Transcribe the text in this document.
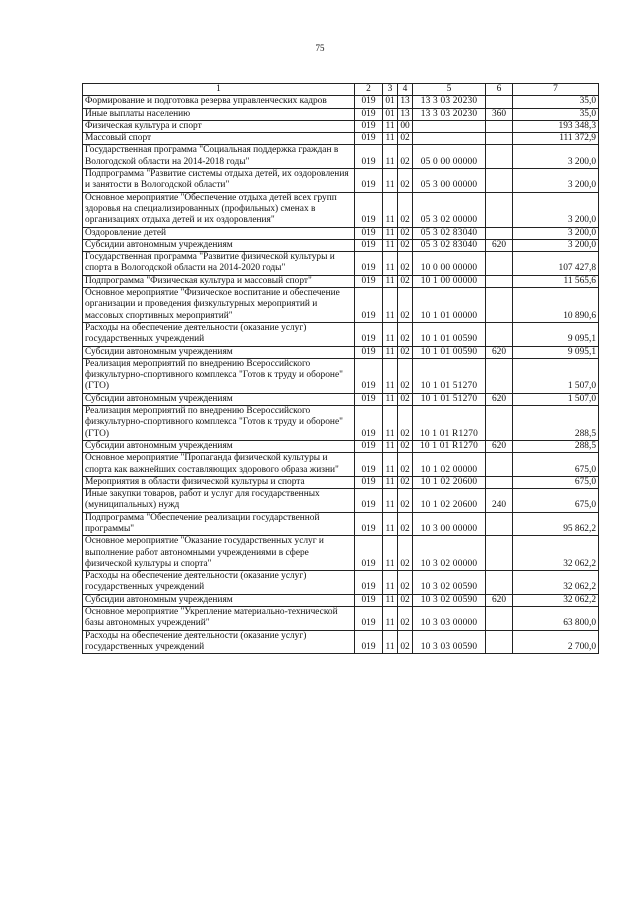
75
1	2	3	4	5	6	7
Формирование и подготовка резерва управленческих кадров	019	01	13	13 3 03 20230		35,0
Иные выплаты населению	019	01	13	13 3 03 20230	360	35,0
Физическая культура и спорт	019	11	00			193 348,3
Массовый спорт	019	11	02			111 372,9
Государственная программа "Социальная поддержка граждан в Вологодской области на 2014-2018 годы"	019	11	02	05 0 00 00000		3 200,0
Подпрограмма "Развитие системы отдыха детей, их оздоровления и занятости в Вологодской области"	019	11	02	05 3 00 00000		3 200,0
Основное мероприятие "Обеспечение отдыха детей всех групп здоровья на специализированных (профильных) сменах в организациях отдыха детей и их оздоровления"	019	11	02	05 3 02 00000		3 200,0
Оздоровление детей	019	11	02	05 3 02 83040		3 200,0
Субсидии автономным учреждениям	019	11	02	05 3 02 83040	620	3 200,0
Государственная программа "Развитие физической культуры и спорта в Вологодской области на 2014-2020 годы"	019	11	02	10 0 00 00000		107 427,8
Подпрограмма "Физическая культура и массовый спорт"	019	11	02	10 1 00 00000		11 565,6
Основное мероприятие "Физическое воспитание и обеспечение организации и проведения физкультурных мероприятий и массовых спортивных мероприятий"	019	11	02	10 1 01 00000		10 890,6
Расходы на обеспечение деятельности (оказание услуг) государственных учреждений	019	11	02	10 1 01 00590		9 095,1
Субсидии автономным учреждениям	019	11	02	10 1 01 00590	620	9 095,1
Реализация мероприятий по внедрению Всероссийского физкультурно-спортивного комплекса "Готов к труду и обороне" (ГТО)	019	11	02	10 1 01 51270		1 507,0
Субсидии автономным учреждениям	019	11	02	10 1 01 51270	620	1 507,0
Реализация мероприятий по внедрению Всероссийского физкультурно-спортивного комплекса "Готов к труду и обороне" (ГТО)	019	11	02	10 1 01 R1270		288,5
Субсидии автономным учреждениям	019	11	02	10 1 01 R1270	620	288,5
Основное мероприятие "Пропаганда физической культуры и спорта как важнейших составляющих здорового образа жизни"	019	11	02	10 1 02 00000		675,0
Мероприятия в области физической культуры и спорта	019	11	02	10 1 02 20600		675,0
Иные закупки товаров, работ и услуг для государственных (муниципальных) нужд	019	11	02	10 1 02 20600	240	675,0
Подпрограмма "Обеспечение реализации государственной программы"	019	11	02	10 3 00 00000		95 862,2
Основное мероприятие "Оказание государственных услуг и выполнение работ автономными учреждениями в сфере физической культуры и спорта"	019	11	02	10 3 02 00000		32 062,2
Расходы на обеспечение деятельности (оказание услуг) государственных учреждений	019	11	02	10 3 02 00590		32 062,2
Субсидии автономным учреждениям	019	11	02	10 3 02 00590	620	32 062,2
Основное мероприятие "Укрепление материально-технической базы автономных учреждений"	019	11	02	10 3 03 00000		63 800,0
Расходы на обеспечение деятельности (оказание услуг) государственных учреждений	019	11	02	10 3 03 00590		2 700,0
